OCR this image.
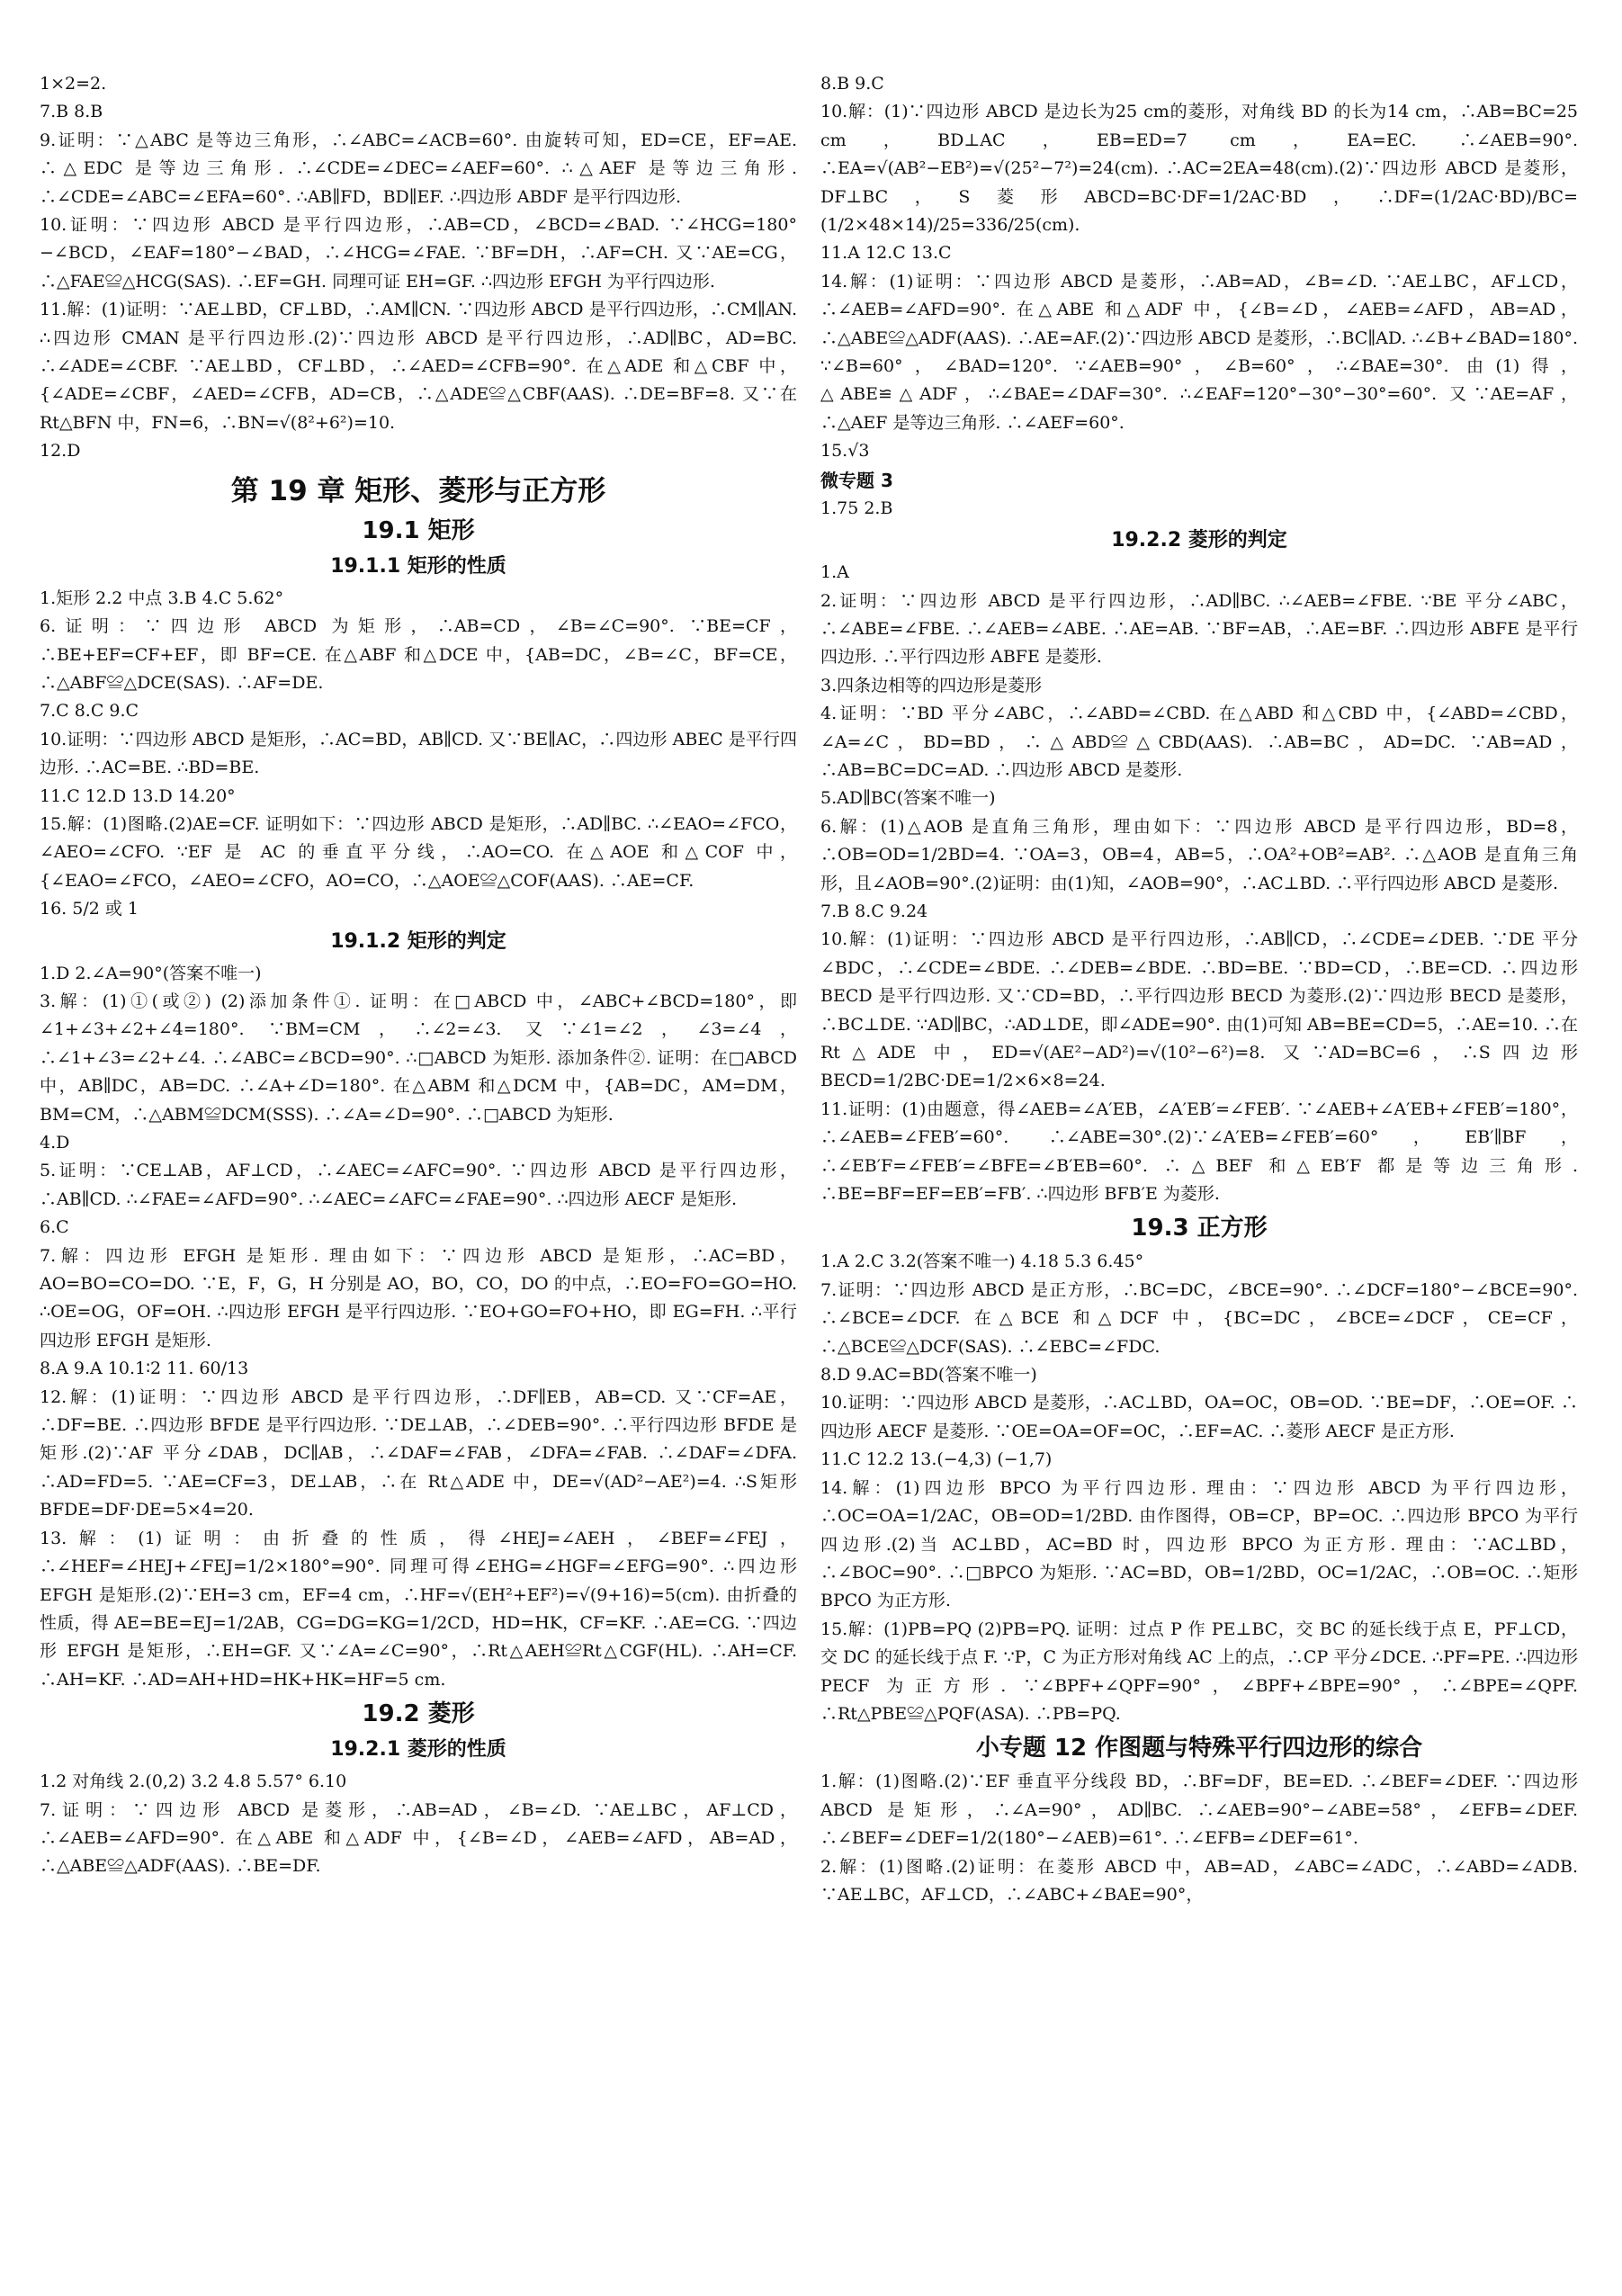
1×2=2.

7.B 8.B

9.证明：∵△ABC 是等边三角形，∴∠ABC=∠ACB=60°. 由旋转可知，ED=CE，EF=AE. ∴△EDC 是等边三角形. ∴∠CDE=∠DEC=∠AEF=60°. ∴△AEF 是等边三角形. ∴∠CDE=∠ABC=∠EFA=60°. ∴AB∥FD，BD∥EF. ∴四边形 ABDF 是平行四边形.

10.证明：∵四边形 ABCD 是平行四边形，∴AB=CD，∠BCD=∠BAD. ∵∠HCG=180°−∠BCD，∠EAF=180°−∠BAD，∴∠HCG=∠FAE. ∵BF=DH，∴AF=CH. 又∵AE=CG，∴△FAE≌△HCG(SAS). ∴EF=GH. 同理可证 EH=GF. ∴四边形 EFGH 为平行四边形.

11.解：(1)证明：∵AE⊥BD，CF⊥BD，∴AM∥CN. ∵四边形 ABCD 是平行四边形，∴CM∥AN. ∴四边形 CMAN 是平行四边形.(2)∵四边形 ABCD 是平行四边形，∴AD∥BC，AD=BC. ∴∠ADE=∠CBF. ∵AE⊥BD，CF⊥BD，∴∠AED=∠CFB=90°. 在△ADE 和△CBF 中，{∠ADE=∠CBF，∠AED=∠CFB，AD=CB，∴△ADE≌△CBF(AAS). ∴DE=BF=8. 又∵在 Rt△BFN 中，FN=6，∴BN=√(8²+6²)=10.

12.D

第 19 章 矩形、菱形与正方形
19.1 矩形
19.1.1 矩形的性质

1.矩形 2.2 中点 3.B 4.C 5.62°

6.证明：∵四边形 ABCD 为矩形，∴AB=CD，∠B=∠C=90°. ∵BE=CF，∴BE+EF=CF+EF，即 BF=CE. 在△ABF 和△DCE 中，{AB=DC，∠B=∠C，BF=CE，∴△ABF≌△DCE(SAS). ∴AF=DE.

7.C 8.C 9.C

10.证明：∵四边形 ABCD 是矩形，∴AC=BD，AB∥CD. 又∵BE∥AC，∴四边形 ABEC 是平行四边形. ∴AC=BE. ∴BD=BE.

11.C 12.D 13.D 14.20°

15.解：(1)图略.(2)AE=CF. 证明如下：∵四边形 ABCD 是矩形，∴AD∥BC. ∴∠EAO=∠FCO，∠AEO=∠CFO. ∵EF 是 AC 的垂直平分线，∴AO=CO. 在△AOE 和△COF 中，{∠EAO=∠FCO，∠AEO=∠CFO，AO=CO，∴△AOE≌△COF(AAS). ∴AE=CF.

16. 5/2 或 1

19.1.2 矩形的判定

1.D 2.∠A=90°(答案不唯一)

3.解：(1)①(或②) (2)添加条件①. 证明：在□ABCD 中，∠ABC+∠BCD=180°，即∠1+∠3+∠2+∠4=180°. ∵BM=CM，∴∠2=∠3. 又∵∠1=∠2，∠3=∠4，∴∠1+∠3=∠2+∠4. ∴∠ABC=∠BCD=90°. ∴□ABCD 为矩形. 添加条件②. 证明：在□ABCD 中，AB∥DC，AB=DC. ∴∠A+∠D=180°. 在△ABM 和△DCM 中，{AB=DC，AM=DM，BM=CM，∴△ABM≌DCM(SSS). ∴∠A=∠D=90°. ∴□ABCD 为矩形.

4.D

5.证明：∵CE⊥AB，AF⊥CD，∴∠AEC=∠AFC=90°. ∵四边形 ABCD 是平行四边形，∴AB∥CD. ∴∠FAE=∠AFD=90°. ∴∠AEC=∠AFC=∠FAE=90°. ∴四边形 AECF 是矩形.

6.C

7.解：四边形 EFGH 是矩形. 理由如下：∵四边形 ABCD 是矩形，∴AC=BD，AO=BO=CO=DO. ∵E，F，G，H 分别是 AO，BO，CO，DO 的中点，∴EO=FO=GO=HO. ∴OE=OG，OF=OH. ∴四边形 EFGH 是平行四边形. ∵EO+GO=FO+HO，即 EG=FH. ∴平行四边形 EFGH 是矩形.

8.A 9.A 10.1∶2 11. 60/13

12.解：(1)证明：∵四边形 ABCD 是平行四边形，∴DF∥EB，AB=CD. 又∵CF=AE，∴DF=BE. ∴四边形 BFDE 是平行四边形. ∵DE⊥AB，∴∠DEB=90°. ∴平行四边形 BFDE 是矩形.(2)∵AF 平分∠DAB，DC∥AB，∴∠DAF=∠FAB，∠DFA=∠FAB. ∴∠DAF=∠DFA. ∴AD=FD=5. ∵AE=CF=3，DE⊥AB，∴在 Rt△ADE 中，DE=√(AD²−AE²)=4. ∴S矩形BFDE=DF·DE=5×4=20.

13.解：(1)证明：由折叠的性质，得∠HEJ=∠AEH，∠BEF=∠FEJ，∴∠HEF=∠HEJ+∠FEJ=1/2×180°=90°. 同理可得∠EHG=∠HGF=∠EFG=90°. ∴四边形 EFGH 是矩形.(2)∵EH=3 cm，EF=4 cm，∴HF=√(EH²+EF²)=√(9+16)=5(cm). 由折叠的性质，得 AE=BE=EJ=1/2AB，CG=DG=KG=1/2CD，HD=HK，CF=KF. ∴AE=CG. ∵四边形 EFGH 是矩形，∴EH=GF. 又∵∠A=∠C=90°，∴Rt△AEH≌Rt△CGF(HL). ∴AH=CF. ∴AH=KF. ∴AD=AH+HD=HK+HK=HF=5 cm.

19.2 菱形
19.2.1 菱形的性质

1.2 对角线 2.(0,2) 3.2 4.8 5.57° 6.10

7.证明：∵四边形 ABCD 是菱形，∴AB=AD，∠B=∠D. ∵AE⊥BC，AF⊥CD，∴∠AEB=∠AFD=90°. 在△ABE 和△ADF 中，{∠B=∠D，∠AEB=∠AFD，AB=AD，∴△ABE≌△ADF(AAS). ∴BE=DF.

8.B 9.C

10.解：(1)∵四边形 ABCD 是边长为25 cm的菱形，对角线 BD 的长为14 cm，∴AB=BC=25 cm，BD⊥AC，EB=ED=7 cm，EA=EC. ∴∠AEB=90°. ∴EA=√(AB²−EB²)=√(25²−7²)=24(cm). ∴AC=2EA=48(cm).(2)∵四边形 ABCD 是菱形，DF⊥BC，S菱形ABCD=BC·DF=1/2AC·BD，∴DF=(1/2AC·BD)/BC=(1/2×48×14)/25=336/25(cm).

11.A 12.C 13.C

14.解：(1)证明：∵四边形 ABCD 是菱形，∴AB=AD，∠B=∠D. ∵AE⊥BC，AF⊥CD，∴∠AEB=∠AFD=90°. 在△ABE 和△ADF 中，{∠B=∠D，∠AEB=∠AFD，AB=AD，∴△ABE≌△ADF(AAS). ∴AE=AF.(2)∵四边形 ABCD 是菱形，∴BC∥AD. ∴∠B+∠BAD=180°. ∵∠B=60°，∠BAD=120°. ∵∠AEB=90°，∠B=60°，∴∠BAE=30°. 由(1)得，△ABE≌△ADF，∴∠BAE=∠DAF=30°. ∴∠EAF=120°−30°−30°=60°. 又∵AE=AF，∴△AEF 是等边三角形. ∴∠AEF=60°.

15.√3

微专题 3

1.75 2.B

19.2.2 菱形的判定

1.A

2.证明：∵四边形 ABCD 是平行四边形，∴AD∥BC. ∴∠AEB=∠FBE. ∵BE 平分∠ABC，∴∠ABE=∠FBE. ∴∠AEB=∠ABE. ∴AE=AB. ∵BF=AB，∴AE=BF. ∴四边形 ABFE 是平行四边形. ∴平行四边形 ABFE 是菱形.

3.四条边相等的四边形是菱形

4.证明：∵BD 平分∠ABC，∴∠ABD=∠CBD. 在△ABD 和△CBD 中，{∠ABD=∠CBD，∠A=∠C，BD=BD，∴△ABD≌△CBD(AAS). ∴AB=BC，AD=DC. ∵AB=AD，∴AB=BC=DC=AD. ∴四边形 ABCD 是菱形.

5.AD∥BC(答案不唯一)

6.解：(1)△AOB 是直角三角形，理由如下：∵四边形 ABCD 是平行四边形，BD=8，∴OB=OD=1/2BD=4. ∵OA=3，OB=4，AB=5，∴OA²+OB²=AB². ∴△AOB 是直角三角形，且∠AOB=90°.(2)证明：由(1)知，∠AOB=90°，∴AC⊥BD. ∴平行四边形 ABCD 是菱形.

7.B 8.C 9.24

10.解：(1)证明：∵四边形 ABCD 是平行四边形，∴AB∥CD，∴∠CDE=∠DEB. ∵DE 平分∠BDC，∴∠CDE=∠BDE. ∴∠DEB=∠BDE. ∴BD=BE. ∵BD=CD，∴BE=CD. ∴四边形 BECD 是平行四边形. 又∵CD=BD，∴平行四边形 BECD 为菱形.(2)∵四边形 BECD 是菱形，∴BC⊥DE. ∵AD∥BC，∴AD⊥DE，即∠ADE=90°. 由(1)可知 AB=BE=CD=5，∴AE=10. ∴在 Rt△ADE 中，ED=√(AE²−AD²)=√(10²−6²)=8. 又∵AD=BC=6，∴S四边形BECD=1/2BC·DE=1/2×6×8=24.

11.证明：(1)由题意，得∠AEB=∠A′EB，∠A′EB′=∠FEB′. ∵∠AEB+∠A′EB+∠FEB′=180°，∴∠AEB=∠FEB′=60°. ∴∠ABE=30°.(2)∵∠A′EB=∠FEB′=60°，EB′∥BF，∴∠EB′F=∠FEB′=∠BFE=∠B′EB=60°. ∴△BEF 和△EB′F 都是等边三角形. ∴BE=BF=EF=EB′=FB′. ∴四边形 BFB′E 为菱形.

19.3 正方形

1.A 2.C 3.2(答案不唯一) 4.18 5.3 6.45°

7.证明：∵四边形 ABCD 是正方形，∴BC=DC，∠BCE=90°. ∴∠DCF=180°−∠BCE=90°. ∴∠BCE=∠DCF. 在△BCE 和△DCF 中，{BC=DC，∠BCE=∠DCF，CE=CF，∴△BCE≌△DCF(SAS). ∴∠EBC=∠FDC.

8.D 9.AC=BD(答案不唯一)

10.证明：∵四边形 ABCD 是菱形，∴AC⊥BD，OA=OC，OB=OD. ∵BE=DF，∴OE=OF. ∴四边形 AECF 是菱形. ∵OE=OA=OF=OC，∴EF=AC. ∴菱形 AECF 是正方形.

11.C 12.2 13.(−4,3) (−1,7)

14.解：(1)四边形 BPCO 为平行四边形. 理由：∵四边形 ABCD 为平行四边形，∴OC=OA=1/2AC，OB=OD=1/2BD. 由作图得，OB=CP，BP=OC. ∴四边形 BPCO 为平行四边形.(2)当 AC⊥BD，AC=BD 时，四边形 BPCO 为正方形. 理由：∵AC⊥BD，∴∠BOC=90°. ∴□BPCO 为矩形. ∵AC=BD，OB=1/2BD，OC=1/2AC，∴OB=OC. ∴矩形 BPCO 为正方形.

15.解：(1)PB=PQ (2)PB=PQ. 证明：过点 P 作 PE⊥BC，交 BC 的延长线于点 E，PF⊥CD，交 DC 的延长线于点 F. ∵P，C 为正方形对角线 AC 上的点，∴CP 平分∠DCE. ∴PF=PE. ∴四边形 PECF 为正方形. ∵∠BPF+∠QPF=90°，∠BPF+∠BPE=90°，∴∠BPE=∠QPF. ∴Rt△PBE≌△PQF(ASA). ∴PB=PQ.

小专题 12 作图题与特殊平行四边形的综合

1.解：(1)图略.(2)∵EF 垂直平分线段 BD，∴BF=DF，BE=ED. ∴∠BEF=∠DEF. ∵四边形 ABCD 是矩形，∴∠A=90°，AD∥BC. ∴∠AEB=90°−∠ABE=58°，∠EFB=∠DEF. ∴∠BEF=∠DEF=1/2(180°−∠AEB)=61°. ∴∠EFB=∠DEF=61°.

2.解：(1)图略.(2)证明：在菱形 ABCD 中，AB=AD，∠ABC=∠ADC，∴∠ABD=∠ADB. ∵AE⊥BC，AF⊥CD，∴∠ABC+∠BAE=90°，
